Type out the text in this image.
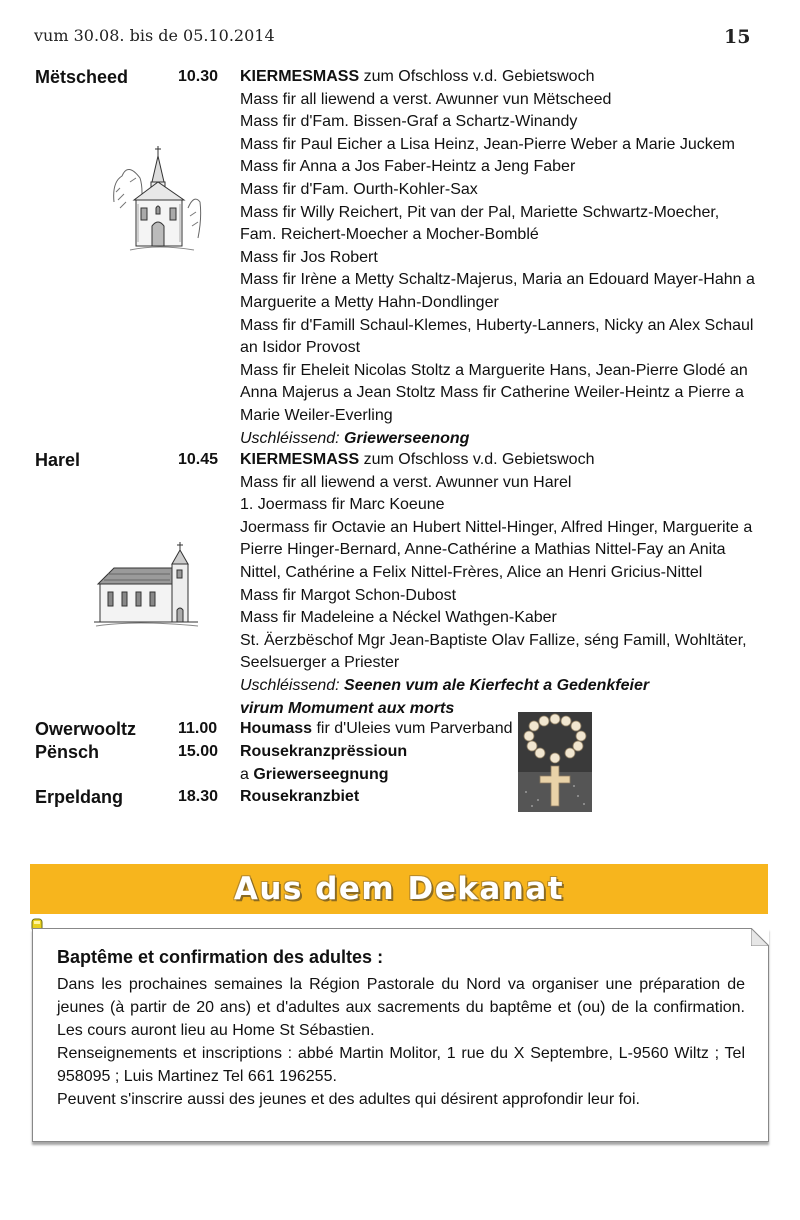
vum 30.08. bis de 05.10.2014	15
Mëtscheed	10.30 KIERMESMASS zum Ofschloss v.d. Gebietswoch
Mass fir all liewend a verst. Awunner vun Mëtscheed
Mass fir d'Fam. Bissen-Graf a Schartz-Winandy
Mass fir Paul Eicher a Lisa Heinz, Jean-Pierre Weber a Marie Juckem
Mass fir Anna a Jos Faber-Heintz a Jeng Faber
Mass fir d'Fam. Ourth-Kohler-Sax
Mass fir Willy Reichert, Pit van der Pal, Mariette Schwartz-Moecher,
Fam. Reichert-Moecher a Mocher-Bomblé
Mass fir Jos Robert
Mass fir Irène a Metty Schaltz-Majerus, Maria an Edouard Mayer-Hahn a
Marguerite a Metty Hahn-Dondlinger
Mass fir d'Famill Schaul-Klemes, Huberty-Lanners, Nicky an Alex Schaul
an Isidor Provost
Mass fir Eheleit Nicolas Stoltz a Marguerite Hans, Jean-Pierre Glodé an
Anna Majerus a Jean Stoltz Mass fir Catherine Weiler-Heintz a Pierre a
Marie Weiler-Everling
Uschléissend: Griewerseenong
Harel	10.45 KIERMESMASS zum Ofschloss v.d. Gebietswoch
Mass fir all liewend a verst. Awunner vun Harel
1. Joermass fir Marc Koeune
Joermass fir Octavie an Hubert Nittel-Hinger, Alfred Hinger, Marguerite a
Pierre Hinger-Bernard, Anne-Cathérine a Mathias Nittel-Fay an Anita
Nittel, Cathérine a Felix Nittel-Frères, Alice an Henri Gricius-Nittel
Mass fir Margot Schon-Dubost
Mass fir Madeleine a Néckel Wathgen-Kaber
St. Äerzbëschof Mgr Jean-Baptiste Olav Fallize, séng Famill, Wohltäter,
Seelsuerger a Priester
Uschléissend: Seenen vum ale Kierfecht a Gedenkfeier
virum Momument aux morts
Owerwooltz	11.00 Houmass fir d'Uleies vum Parverband
Pënsch	15.00 Rousekranzprëssioun
a Griewerseegnung
Erpeldang	18.30 Rousekranzbiet
Aus dem Dekanat
Baptême et confirmation des adultes :

Dans les prochaines semaines la Région Pastorale du Nord va organiser une préparation de jeunes (à partir de 20 ans) et d'adultes aux sacrements du baptême et (ou) de la confirmation. Les cours auront lieu au Home St Sébastien.

Renseignements et inscriptions : abbé Martin Molitor, 1 rue du X Septembre, L-9560 Wiltz ; Tel 958095 ; Luis Martinez Tel 661 196255.

Peuvent s'inscrire aussi des jeunes et des adultes qui désirent approfondir leur foi.
